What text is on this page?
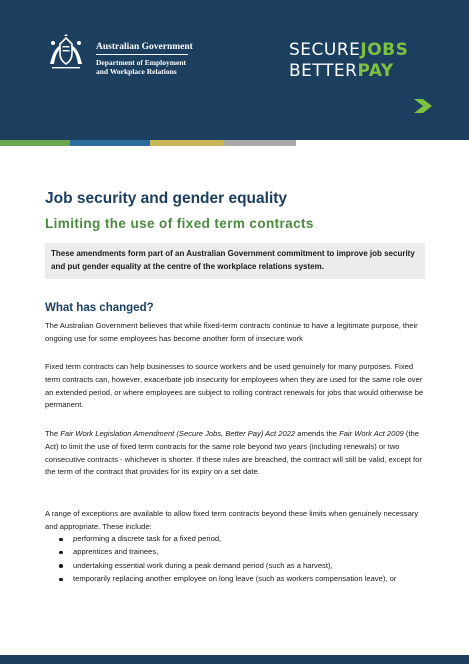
Australian Government
Department of Employment
and Workplace Relations
SECUREJOBS
BETTERPAY
Job security and gender equality
Limiting the use of fixed term contracts
These amendments form part of an Australian Government commitment to improve job security and put gender equality at the centre of the workplace relations system.
What has changed?

The Australian Government believes that while fixed-term contracts continue to have a legitimate purpose, their ongoing use for some employees has become another form of insecure work

Fixed term contracts can help businesses to source workers and be used genuinely for many purposes. Fixed term contracts can, however, exacerbate job insecurity for employees when they are used for the same role over an extended period, or where employees are subject to rolling contract renewals for jobs that would otherwise be permanent.

The Fair Work Legislation Amendment (Secure Jobs, Better Pay) Act 2022 amends the Fair Work Act 2009 (the Act) to limit the use of fixed term contracts for the same role beyond two years (including renewals) or two consecutive contracts - whichever is shorter. If these rules are breached, the contract will still be valid, except for the term of the contract that provides for its expiry on a set date.

A range of exceptions are available to allow fixed term contracts beyond these limits when genuinely necessary and appropriate. These include:

performing a discrete task for a fixed period,
apprentices and trainees,
undertaking essential work during a peak demand period (such as a harvest),
temporarily replacing another employee on long leave (such as workers compensation leave), or
